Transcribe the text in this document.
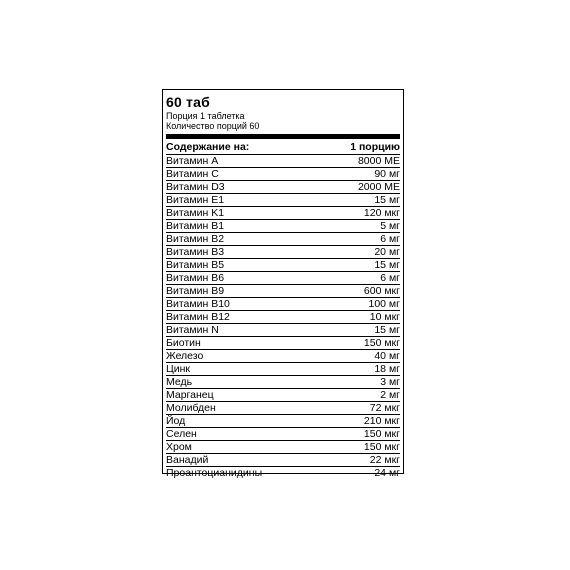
60 таб
Порция 1 таблетка
Количество порций 60
Содержание на:	1 порцию
Витамин A	8000 МЕ
Витамин C	90 мг
Витамин D3	2000 МЕ
Витамин E1	15 мг
Витамин K1	120 мкг
Витамин B1	5 мг
Витамин B2	6 мг
Витамин B3	20 мг
Витамин B5	15 мг
Витамин B6	6 мг
Витамин B9	600 мкг
Витамин B10	100 мг
Витамин B12	10 мкг
Витамин N	15 мг
Биотин	150 мкг
Железо	40 мг
Цинк	18 мг
Медь	3 мг
Марганец	2 мг
Молибден	72 мкг
Йод	210 мкг
Селен	150 мкг
Хром	150 мкг
Ванадий	22 мкг
Проантоцианидины	24 мг
